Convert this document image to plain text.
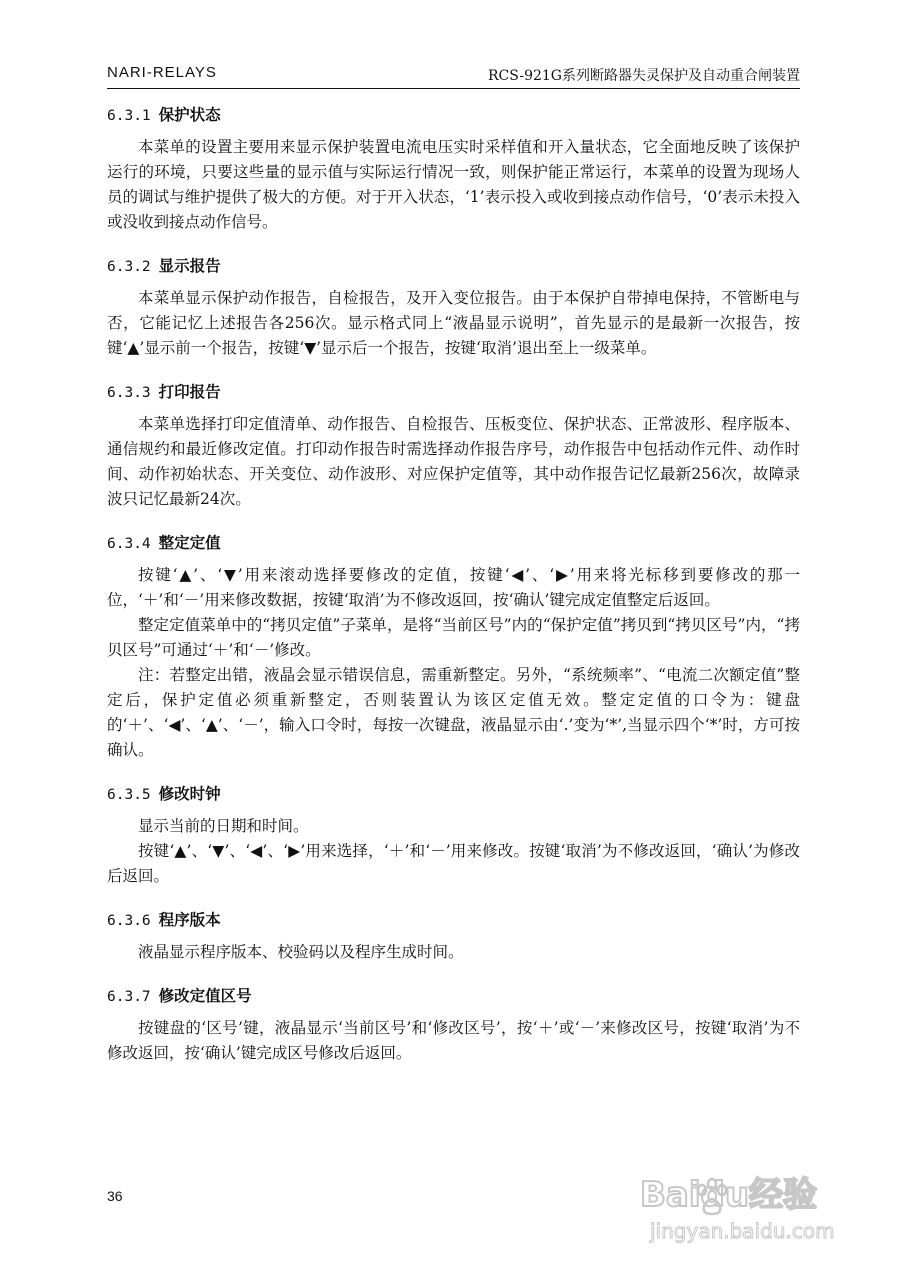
NARI-RELAYS	RCS-921G系列断路器失灵保护及自动重合闸装置
6.3.1 保护状态

本菜单的设置主要用来显示保护装置电流电压实时采样值和开入量状态，它全面地反映了该保护运行的环境，只要这些量的显示值与实际运行情况一致，则保护能正常运行，本菜单的设置为现场人员的调试与维护提供了极大的方便。对于开入状态，‘1’表示投入或收到接点动作信号，‘0’表示未投入或没收到接点动作信号。

6.3.2 显示报告

本菜单显示保护动作报告，自检报告，及开入变位报告。由于本保护自带掉电保持，不管断电与否，它能记忆上述报告各256次。显示格式同上“液晶显示说明”，首先显示的是最新一次报告，按键‘▲’显示前一个报告，按键‘▼’显示后一个报告，按键‘取消’退出至上一级菜单。

6.3.3 打印报告

本菜单选择打印定值清单、动作报告、自检报告、压板变位、保护状态、正常波形、程序版本、通信规约和最近修改定值。打印动作报告时需选择动作报告序号，动作报告中包括动作元件、动作时间、动作初始状态、开关变位、动作波形、对应保护定值等，其中动作报告记忆最新256次，故障录波只记忆最新24次。

6.3.4 整定定值

按键‘▲’、‘▼’用来滚动选择要修改的定值，按键‘◀’、‘▶’用来将光标移到要修改的那一位，‘＋’和‘－’用来修改数据，按键‘取消’为不修改返回，按‘确认’键完成定值整定后返回。

整定定值菜单中的“拷贝定值”子菜单，是将“当前区号”内的“保护定值”拷贝到“拷贝区号”内，“拷贝区号”可通过‘＋’和‘－’修改。

注：若整定出错，液晶会显示错误信息，需重新整定。另外，“系统频率”、“电流二次额定值”整定后，保护定值必须重新整定，否则装置认为该区定值无效。整定定值的口令为：键盘的‘＋’、‘◀’、‘▲’、‘－’，输入口令时，每按一次键盘，液晶显示由‘.’变为‘*’,当显示四个‘*’时，方可按确认。

6.3.5 修改时钟

显示当前的日期和时间。

按键‘▲’、‘▼’、‘◀’、‘▶’用来选择，‘＋’和‘－’用来修改。按键‘取消’为不修改返回，‘确认’为修改后返回。

6.3.6 程序版本

液晶显示程序版本、校验码以及程序生成时间。

6.3.7 修改定值区号

按键盘的‘区号’键，液晶显示‘当前区号’和‘修改区号’，按‘＋’或‘－’来修改区号，按键‘取消’为不修改返回，按‘确认’键完成区号修改后返回。

36	Baidu经验
jingyan.baidu.com
